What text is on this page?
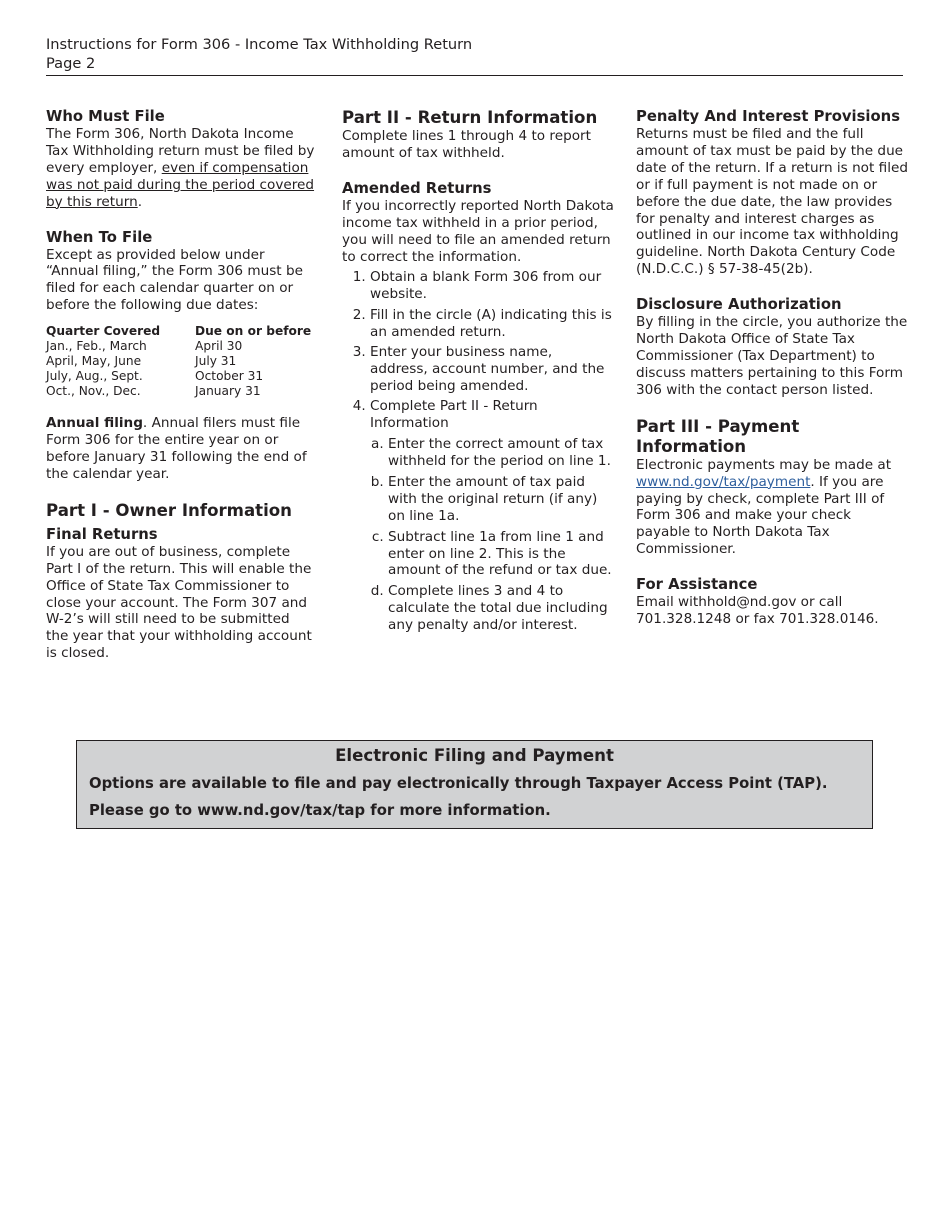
Instructions for Form 306 - Income Tax Withholding Return
Page 2
Who Must File

The Form 306, North Dakota Income Tax Withholding return must be filed by every employer, even if compensation was not paid during the period covered by this return.

When To File

Except as provided below under “Annual filing,” the Form 306 must be filed for each calendar quarter on or before the following due dates:

Quarter Covered	Due on or before
Jan., Feb., March	April 30
April, May, June	July 31
July, Aug., Sept.	October 31
Oct., Nov., Dec.	January 31

Annual filing. Annual filers must file Form 306 for the entire year on or before January 31 following the end of the calendar year.

Part I - Owner Information
Final Returns

If you are out of business, complete Part I of the return. This will enable the Office of State Tax Commissioner to close your account. The Form 307 and W-2’s will still need to be submitted the year that your withholding account is closed.

Part II - Return Information

Complete lines 1 through 4 to report amount of tax withheld.

Amended Returns

If you incorrectly reported North Dakota income tax withheld in a prior period, you will need to file an amended return to correct the information.

1. Obtain a blank Form 306 from our website.
2. Fill in the circle (A) indicating this is an amended return.
3. Enter your business name, address, account number, and the period being amended.
4. Complete Part II - Return Information
a. Enter the correct amount of tax withheld for the period on line 1.
b. Enter the amount of tax paid with the original return (if any) on line 1a.
c. Subtract line 1a from line 1 and enter on line 2. This is the amount of the refund or tax due.
d. Complete lines 3 and 4 to calculate the total due including any penalty and/or interest.
Penalty And Interest Provisions

Returns must be filed and the full amount of tax must be paid by the due date of the return. If a return is not filed or if full payment is not made on or before the due date, the law provides for penalty and interest charges as outlined in our income tax withholding guideline. North Dakota Century Code (N.D.C.C.) § 57-38-45(2b).

Disclosure Authorization

By filling in the circle, you authorize the North Dakota Office of State Tax Commissioner (Tax Department) to discuss matters pertaining to this Form 306 with the contact person listed.

Part III - Payment Information

Electronic payments may be made at www.nd.gov/tax/payment. If you are paying by check, complete Part III of Form 306 and make your check payable to North Dakota Tax Commissioner.

For Assistance

Email withhold@nd.gov or call 701.328.1248 or fax 701.328.0146.

Electronic Filing and Payment
Options are available to file and pay electronically through Taxpayer Access Point (TAP).
Please go to www.nd.gov/tax/tap for more information.
